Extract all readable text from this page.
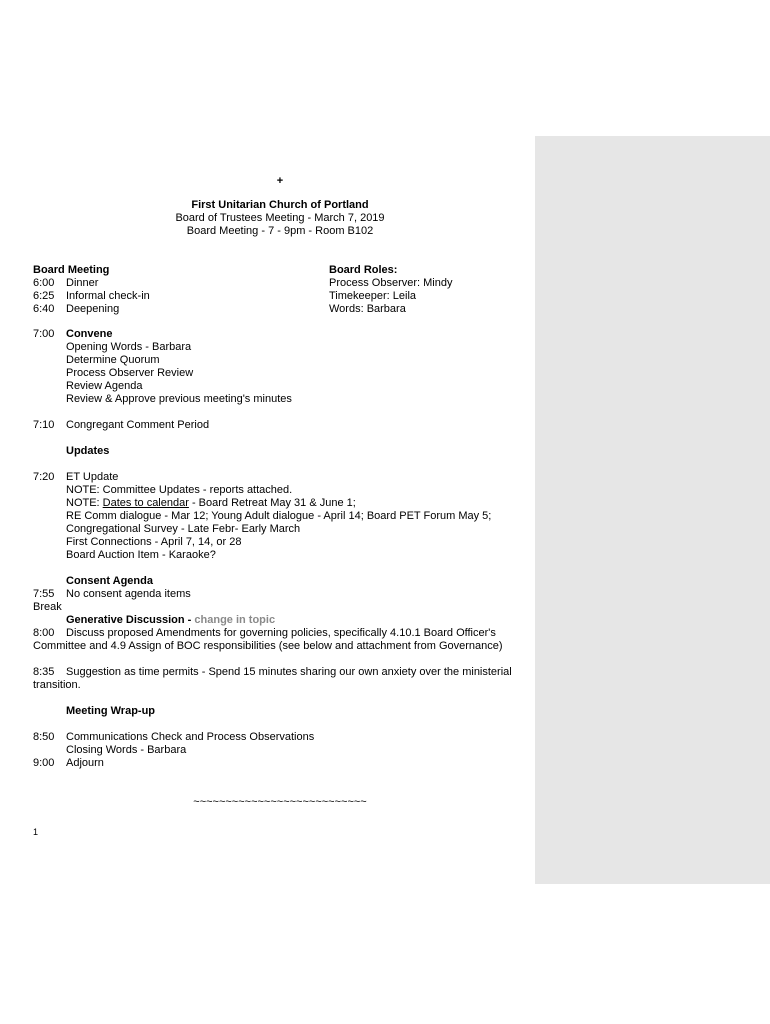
+
First Unitarian Church of Portland
Board of Trustees Meeting - March 7, 2019
Board Meeting - 7 - 9pm - Room B102
Board Meeting
6:00 Dinner
6:25 Informal check-in
6:40 Deepening
Board Roles:
Process Observer: Mindy
Timekeeper: Leila
Words: Barbara
7:00 Convene
Opening Words - Barbara
Determine Quorum
Process Observer Review
Review Agenda
Review & Approve previous meeting's minutes
7:10 Congregant Comment Period
Updates
7:20 ET Update
NOTE: Committee Updates - reports attached.
NOTE: Dates to calendar - Board Retreat May 31 & June 1;
RE Comm dialogue - Mar 12; Young Adult dialogue - April 14; Board PET Forum May 5;
Congregational Survey - Late Febr- Early March
First Connections - April 7, 14, or 28
Board Auction Item - Karaoke?
Consent Agenda
7:55 No consent agenda items
Break
Generative Discussion - change in topic
8:00 Discuss proposed Amendments for governing policies, specifically 4.10.1 Board Officer's
Committee and 4.9 Assign of BOC responsibilities (see below and attachment from Governance)
8:35 Suggestion as time permits - Spend 15 minutes sharing our own anxiety over the ministerial
transition.
Meeting Wrap-up
8:50 Communications Check and Process Observations
Closing Words - Barbara
9:00 Adjourn
~~~~~~~~~~~~~~~~~~~~~~~~~~~
1
